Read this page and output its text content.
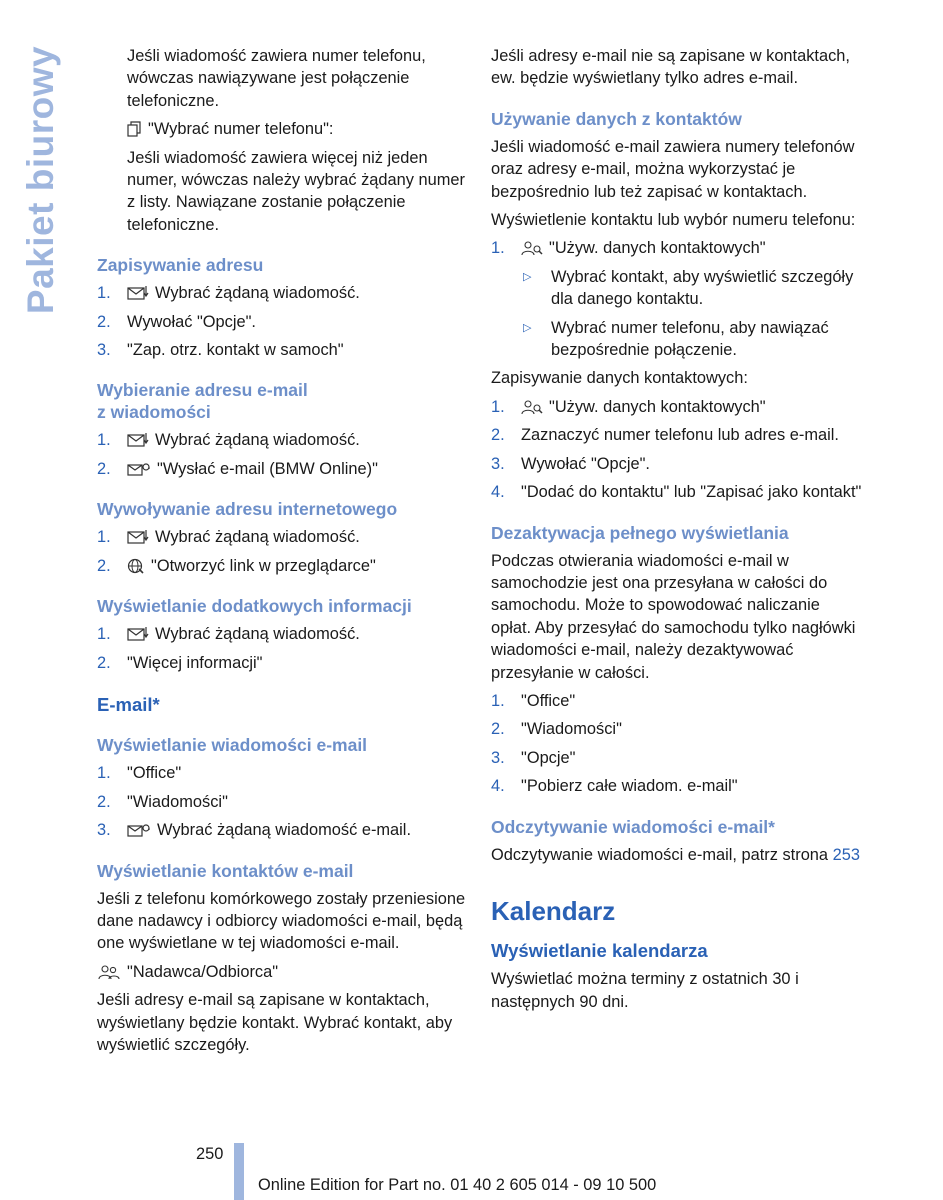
Pakiet biurowy	Jeśli wiadomość zawiera numer telefonu, wówczas nawiązywane jest połączenie telefoniczne.

"Wybrać numer telefonu":

Jeśli wiadomość zawiera więcej niż jeden numer, wówczas należy wybrać żądany numer z listy. Nawiązane zostanie połączenie telefoniczne.

Zapisywanie adresu
1.	Wybrać żądaną wiadomość.
2. Wywołać "Opcje".
3. "Zap. otrz. kontakt w samoch"
Wybieranie adresu e-mail
z wiadomości
1.	Wybrać żądaną wiadomość.
2.	"Wysłać e-mail (BMW Online)"
Wywoływanie adresu internetowego
1.	Wybrać żądaną wiadomość.
2. "Otworzyć link w przeglądarce"
Wyświetlanie dodatkowych informacji
1.	Wybrać żądaną wiadomość.
2. "Więcej informacji"
E-mail*
Wyświetlanie wiadomości e-mail
1. "Office"
2. "Wiadomości"
3.	Wybrać żądaną wiadomość e-mail.
Wyświetlanie kontaktów e-mail

Jeśli z telefonu komórkowego zostały przeniesione dane nadawcy i odbiorcy wiadomości e-mail, będą one wyświetlane w tej wiadomości e-mail.

"Nadawca/Odbiorca"

Jeśli adresy e-mail są zapisane w kontaktach, wyświetlany będzie kontakt. Wybrać kontakt, aby wyświetlić szczegóły.

Jeśli adresy e-mail nie są zapisane w kontaktach, ew. będzie wyświetlany tylko adres e-mail.

Używanie danych z kontaktów

Jeśli wiadomość e-mail zawiera numery telefonów oraz adresy e-mail, można wykorzystać je bezpośrednio lub też zapisać w kontaktach.

Wyświetlenie kontaktu lub wybór numeru telefonu:

1.	"Używ. danych kontaktowych"
▷ Wybrać kontakt, aby wyświetlić szczegóły dla danego kontaktu.
▷ Wybrać numer telefonu, aby nawiązać bezpośrednie połączenie.

Zapisywanie danych kontaktowych:

1.	"Używ. danych kontaktowych"
2. Zaznaczyć numer telefonu lub adres e-mail.
3. Wywołać "Opcje".
4. "Dodać do kontaktu" lub "Zapisać jako kontakt"
Dezaktywacja pełnego wyświetlania

Podczas otwierania wiadomości e-mail w samochodzie jest ona przesyłana w całości do samochodu. Może to spowodować naliczanie opłat. Aby przesyłać do samochodu tylko nagłówki wiadomości e-mail, należy dezaktywować przesyłanie w całości.

1. "Office"
2. "Wiadomości"
3. "Opcje"
4. "Pobierz całe wiadom. e-mail"
Odczytywanie wiadomości e-mail*

Odczytywanie wiadomości e-mail, patrz strona 253

Kalendarz
Wyświetlanie kalendarza

Wyświetlać można terminy z ostatnich 30 i następnych 90 dni.

250
Online Edition for Part no. 01 40 2 605 014 - 09 10 500
